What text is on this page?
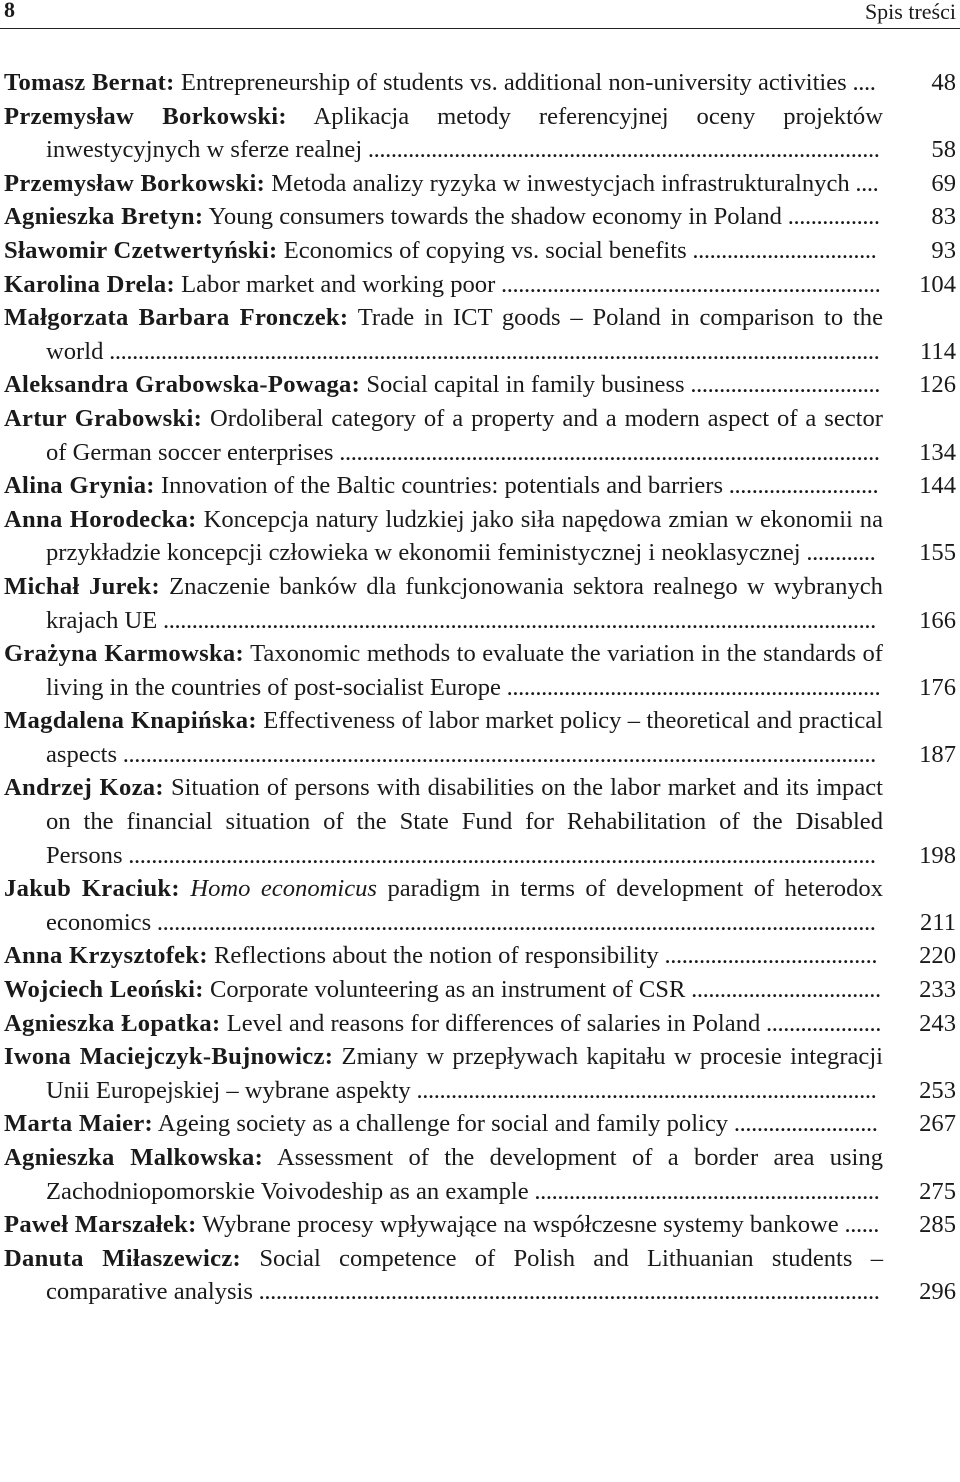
8	Spis treści
Tomasz Bernat: Entrepreneurship of students vs. additional non-university activities ....	48
Przemysław Borkowski: Aplikacja metody referencyjnej oceny projektów inwestycyjnych w sferze realnej ......................................................................................... 58
Przemysław Borkowski: Metoda analizy ryzyka w inwestycjach infrastrukturalnych .... 69
Agnieszka Bretyn: Young consumers towards the shadow economy in Poland ................ 83
Sławomir Czetwertyński: Economics of copying vs. social benefits ................................ 93
Karolina Drela: Labor market and working poor .................................................................. 104
Małgorzata Barbara Fronczek: Trade in ICT goods – Poland in comparison to the world ...................................................................................................................................... 114
Aleksandra Grabowska-Powaga: Social capital in family business ................................. 126
Artur Grabowski: Ordoliberal category of a property and a modern aspect of a sector of German soccer enterprises .............................................................................................. 134
Alina Grynia: Innovation of the Baltic countries: potentials and barriers .......................... 144
Anna Horodecka: Koncepcja natury ludzkiej jako siła napędowa zmian w ekonomii na przykładzie koncepcji człowieka w ekonomii feministycznej i neoklasycznej ............	155
Michał Jurek: Znaczenie banków dla funkcjonowania sektora realnego w wybranych krajach UE ............................................................................................................................ 166
Grażyna Karmowska: Taxonomic methods to evaluate the variation in the standards of living in the countries of post-socialist Europe ................................................................. 176
Magdalena Knapińska: Effectiveness of labor market policy – theoretical and practical aspects ................................................................................................................................... 187
Andrzej Koza: Situation of persons with disabilities on the labor market and its impact on the financial situation of the State Fund for Rehabilitation of the Disabled Persons ..................................................................................................................................	198
Jakub Kraciuk: Homo economicus paradigm in terms of development of heterodox economics .............................................................................................................................	211
Anna Krzysztofek: Reflections about the notion of responsibility ..................................... 220
Wojciech Leoński: Corporate volunteering as an instrument of CSR ................................. 233
Agnieszka Łopatka: Level and reasons for differences of salaries in Poland .................... 243
Iwona Maciejczyk-Bujnowicz: Zmiany w przepływach kapitału w procesie integracji Unii Europejskiej – wybrane aspekty ................................................................................ 253
Marta Maier: Ageing society as a challenge for social and family policy ......................... 267
Agnieszka Malkowska: Assessment of the development of a border area using Zachodniopomorskie Voivodeship as an example ............................................................ 275
Paweł Marszałek: Wybrane procesy wpływające na współczesne systemy bankowe ...... 285
Danuta Miłaszewicz: Social competence of Polish and Lithuanian students – comparative analysis ............................................................................................................ 296
